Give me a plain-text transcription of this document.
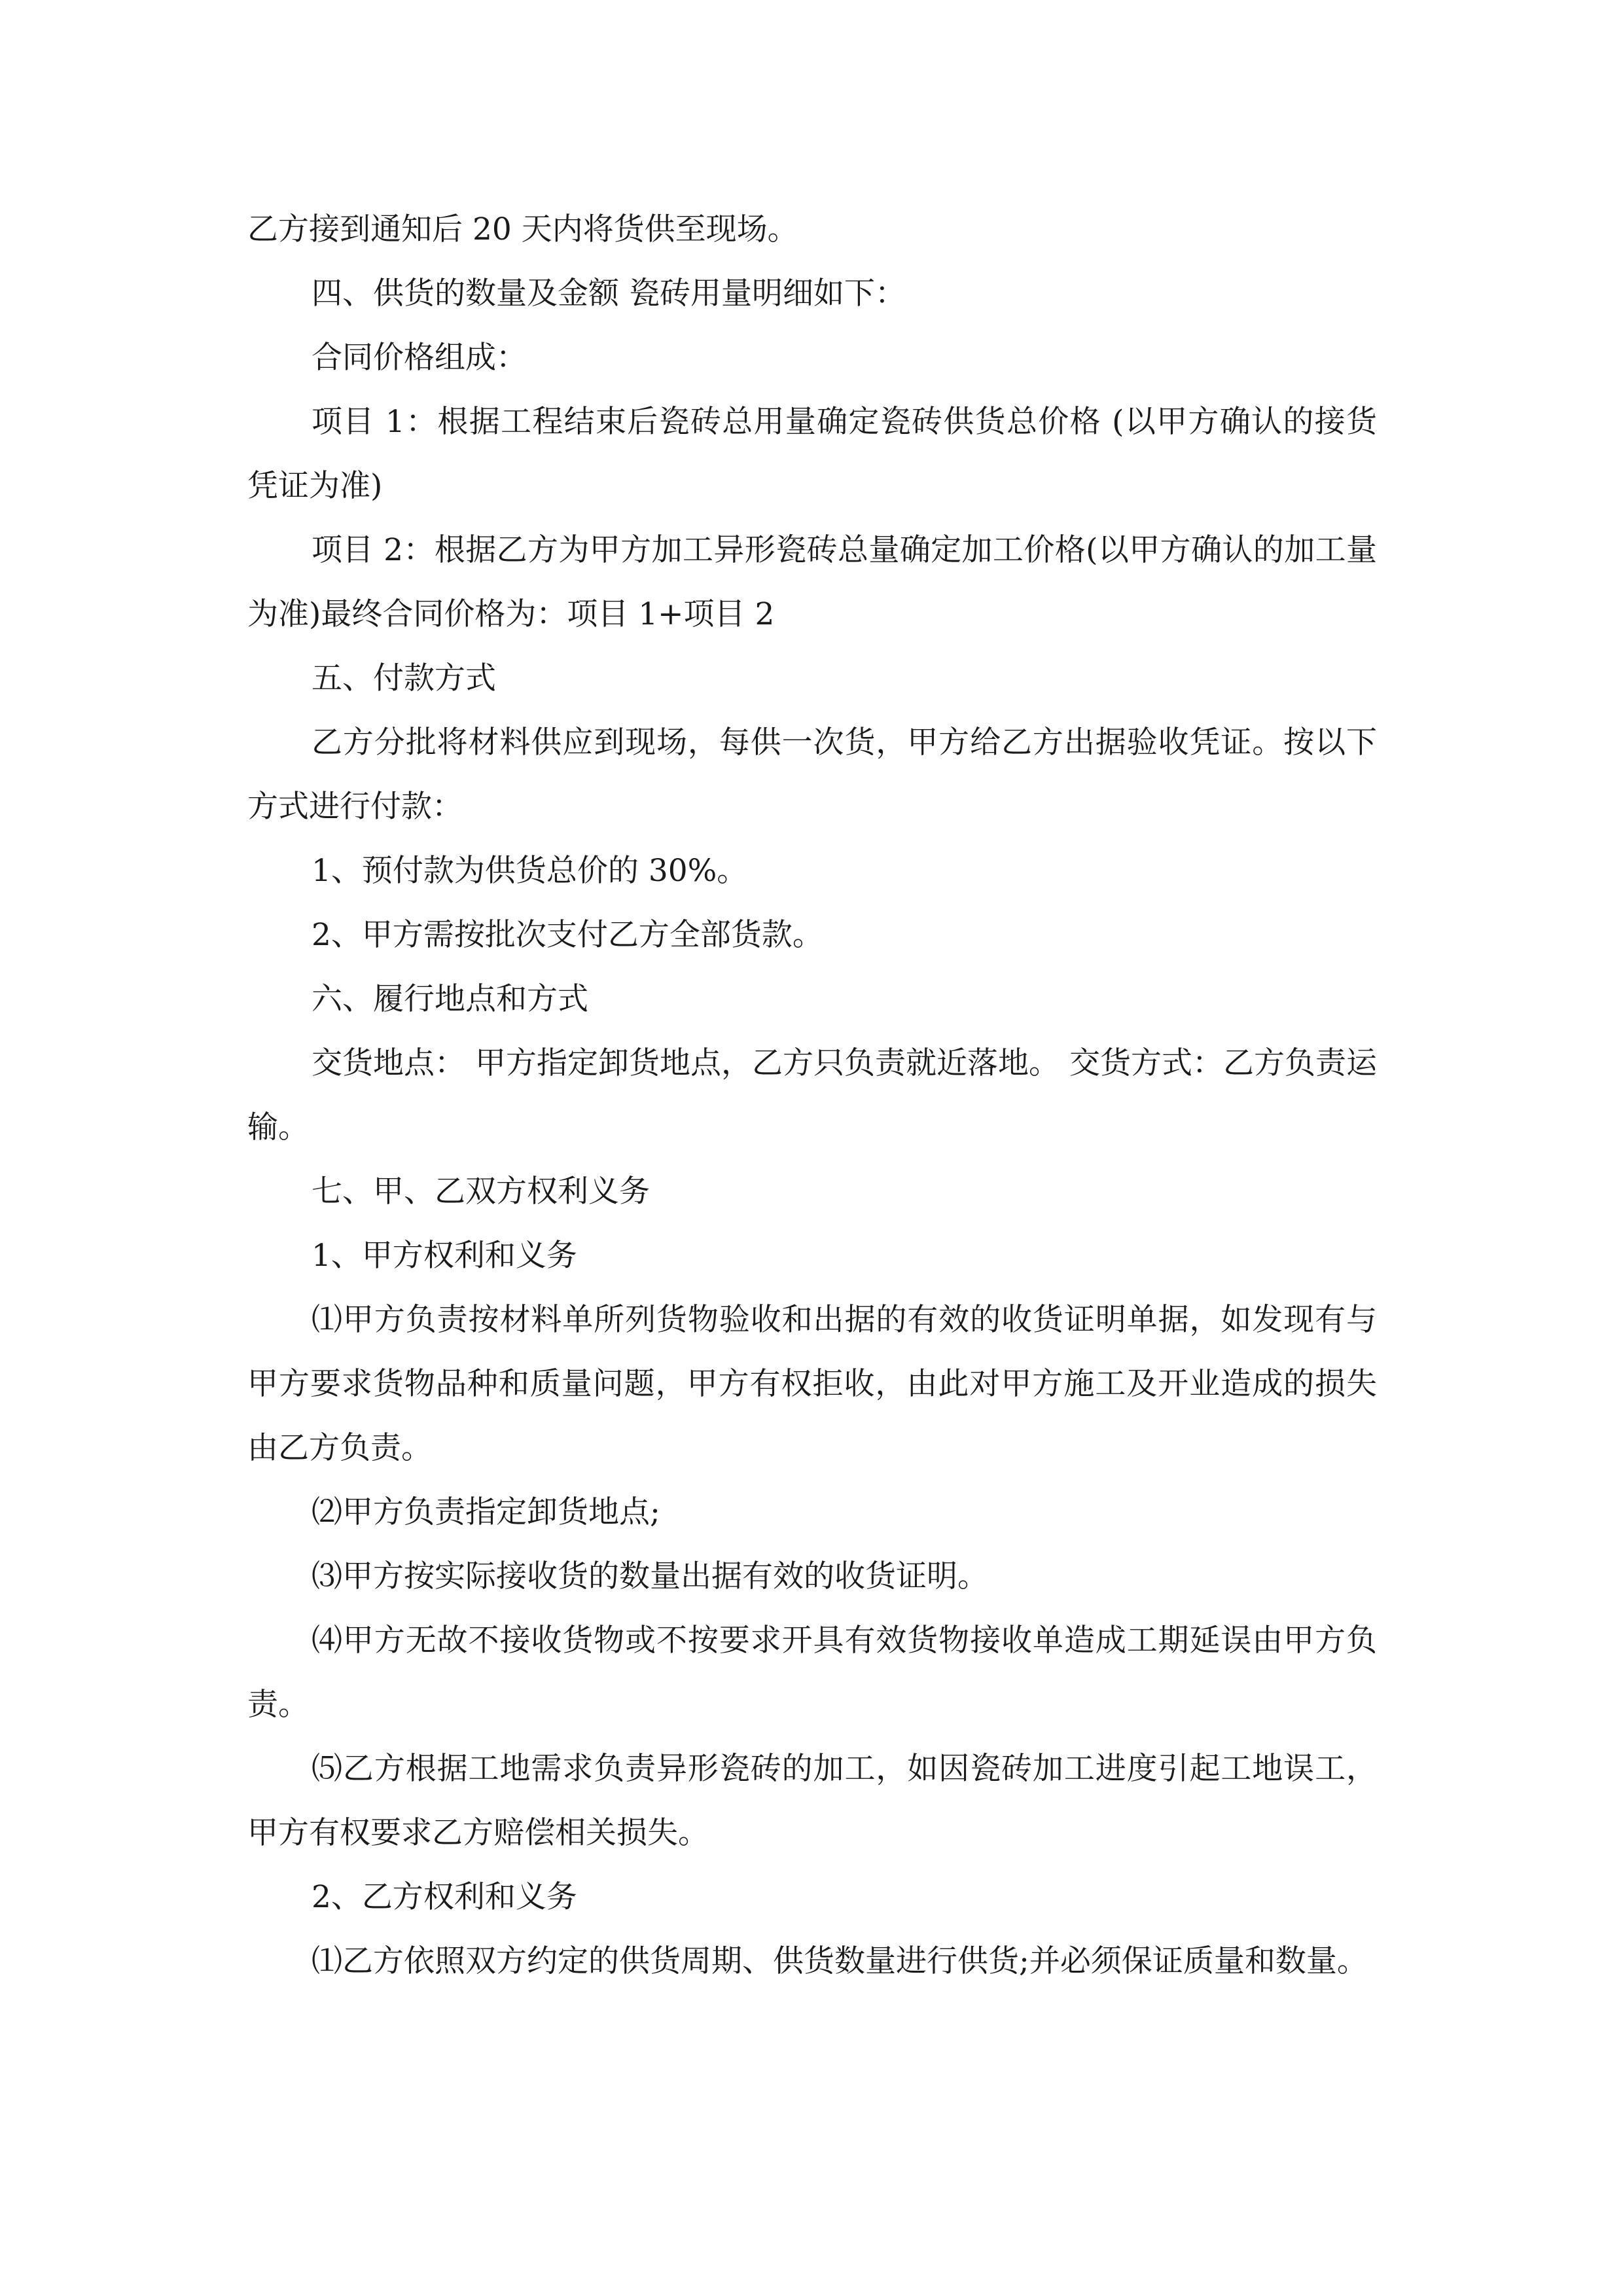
乙方接到通知后 20 天内将货供至现场。

四、供货的数量及金额 瓷砖用量明细如下：

合同价格组成：

项目 1：根据工程结束后瓷砖总用量确定瓷砖供货总价格 (以甲方确认的接货凭证为准)

项目 2：根据乙方为甲方加工异形瓷砖总量确定加工价格(以甲方确认的加工量为准)最终合同价格为：项目 1+项目 2

五、付款方式

乙方分批将材料供应到现场，每供一次货，甲方给乙方出据验收凭证。按以下方式进行付款：

1、预付款为供货总价的 30%。

2、甲方需按批次支付乙方全部货款。

六、履行地点和方式

交货地点： 甲方指定卸货地点，乙方只负责就近落地。 交货方式：乙方负责运输。

七、甲、乙双方权利义务

1、甲方权利和义务

⑴甲方负责按材料单所列货物验收和出据的有效的收货证明单据，如发现有与甲方要求货物品种和质量问题，甲方有权拒收，由此对甲方施工及开业造成的损失由乙方负责。

⑵甲方负责指定卸货地点;

⑶甲方按实际接收货的数量出据有效的收货证明。

⑷甲方无故不接收货物或不按要求开具有效货物接收单造成工期延误由甲方负责。

⑸乙方根据工地需求负责异形瓷砖的加工，如因瓷砖加工进度引起工地误工，甲方有权要求乙方赔偿相关损失。

2、乙方权利和义务

⑴乙方依照双方约定的供货周期、供货数量进行供货;并必须保证质量和数量。
